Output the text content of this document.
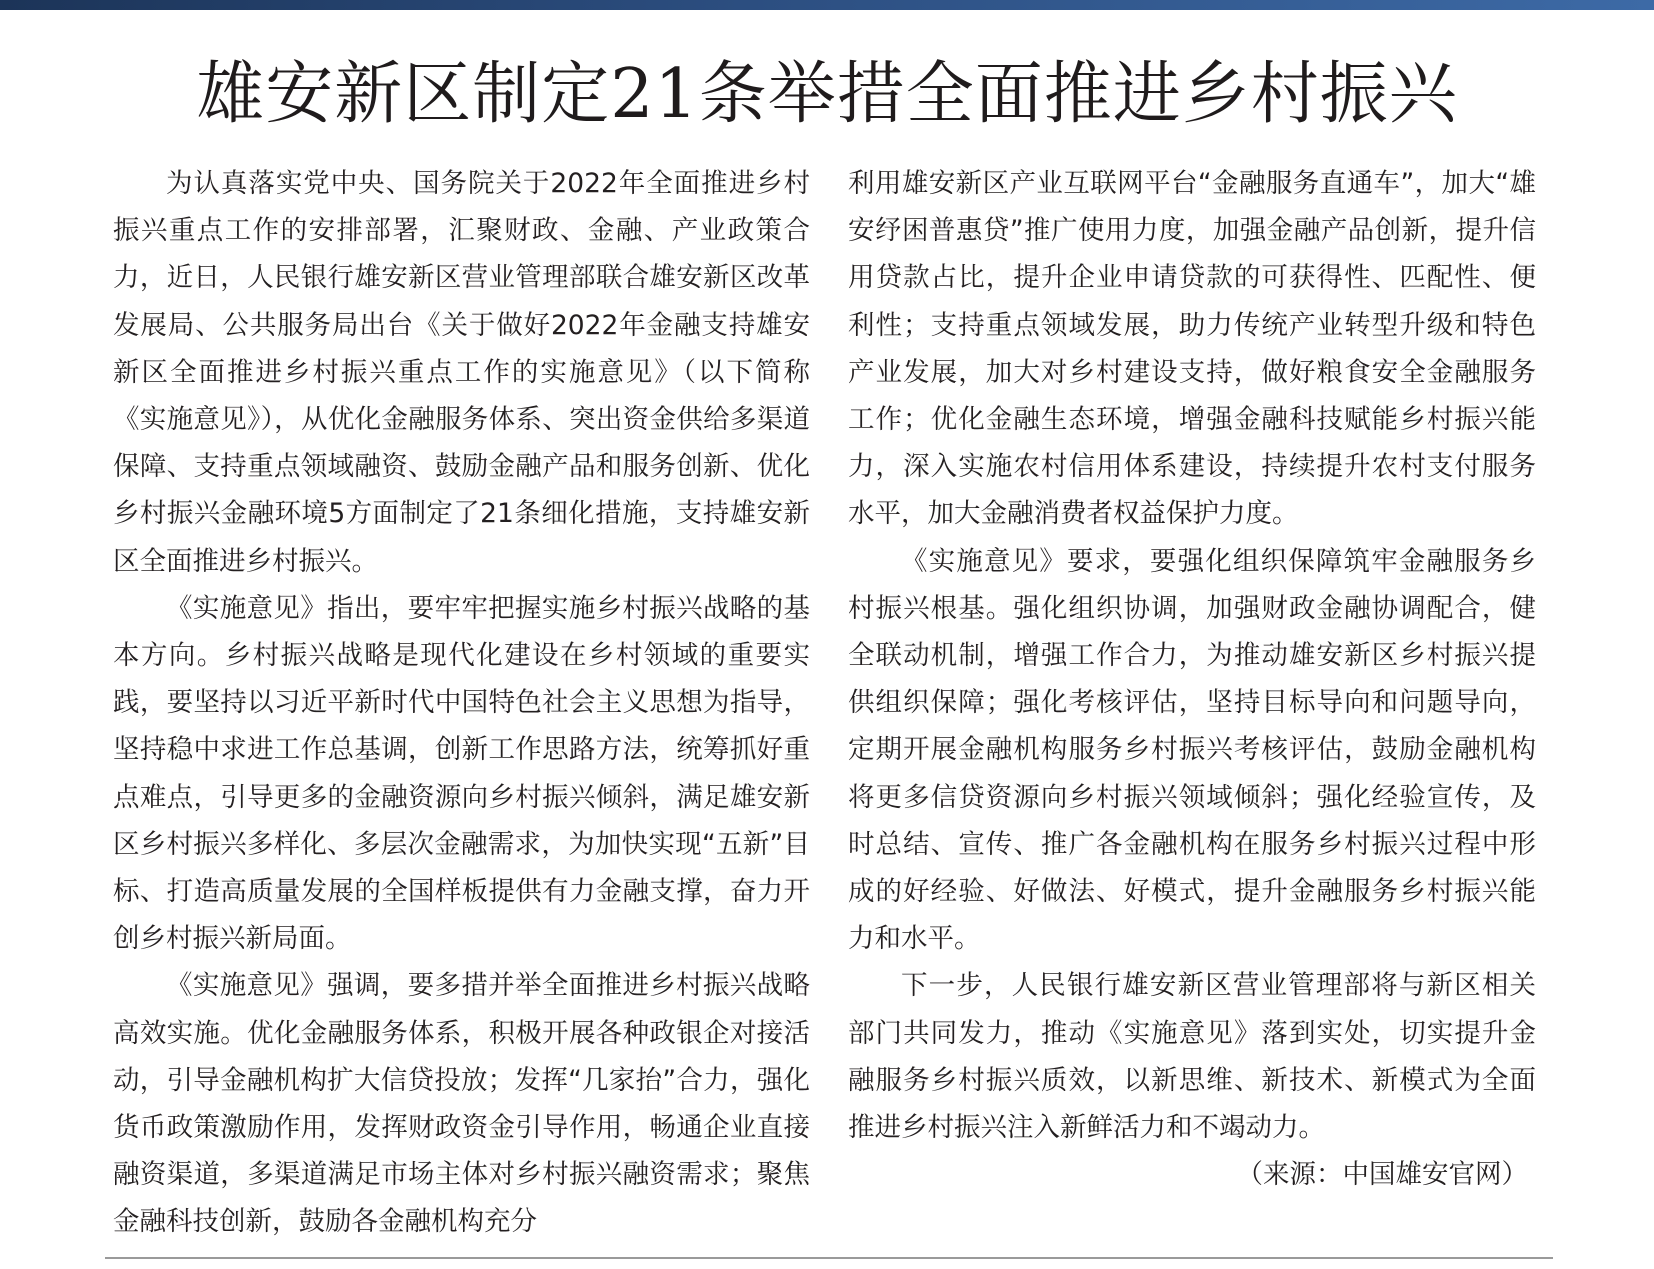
雄安新区制定21条举措全面推进乡村振兴

为认真落实党中央、国务院关于2022年全面推进乡村振兴重点工作的安排部署，汇聚财政、金融、产业政策合力，近日，人民银行雄安新区营业管理部联合雄安新区改革发展局、公共服务局出台《关于做好2022年金融支持雄安新区全面推进乡村振兴重点工作的实施意见》（以下简称《实施意见》），从优化金融服务体系、突出资金供给多渠道保障、支持重点领域融资、鼓励金融产品和服务创新、优化乡村振兴金融环境5方面制定了21条细化措施，支持雄安新区全面推进乡村振兴。

《实施意见》指出，要牢牢把握实施乡村振兴战略的基本方向。乡村振兴战略是现代化建设在乡村领域的重要实践，要坚持以习近平新时代中国特色社会主义思想为指导，坚持稳中求进工作总基调，创新工作思路方法，统筹抓好重点难点，引导更多的金融资源向乡村振兴倾斜，满足雄安新区乡村振兴多样化、多层次金融需求，为加快实现“五新”目标、打造高质量发展的全国样板提供有力金融支撑，奋力开创乡村振兴新局面。

《实施意见》强调，要多措并举全面推进乡村振兴战略高效实施。优化金融服务体系，积极开展各种政银企对接活动，引导金融机构扩大信贷投放；发挥“几家抬”合力，强化货币政策激励作用，发挥财政资金引导作用，畅通企业直接融资渠道，多渠道满足市场主体对乡村振兴融资需求；聚焦金融科技创新，鼓励各金融机构充分

利用雄安新区产业互联网平台“金融服务直通车”，加大“雄安纾困普惠贷”推广使用力度，加强金融产品创新，提升信用贷款占比，提升企业申请贷款的可获得性、匹配性、便利性；支持重点领域发展，助力传统产业转型升级和特色产业发展，加大对乡村建设支持，做好粮食安全金融服务工作；优化金融生态环境，增强金融科技赋能乡村振兴能力，深入实施农村信用体系建设，持续提升农村支付服务水平，加大金融消费者权益保护力度。

《实施意见》要求，要强化组织保障筑牢金融服务乡村振兴根基。强化组织协调，加强财政金融协调配合，健全联动机制，增强工作合力，为推动雄安新区乡村振兴提供组织保障；强化考核评估，坚持目标导向和问题导向，定期开展金融机构服务乡村振兴考核评估，鼓励金融机构将更多信贷资源向乡村振兴领域倾斜；强化经验宣传，及时总结、宣传、推广各金融机构在服务乡村振兴过程中形成的好经验、好做法、好模式，提升金融服务乡村振兴能力和水平。

下一步，人民银行雄安新区营业管理部将与新区相关部门共同发力，推动《实施意见》落到实处，切实提升金融服务乡村振兴质效，以新思维、新技术、新模式为全面推进乡村振兴注入新鲜活力和不竭动力。

（来源：中国雄安官网）
